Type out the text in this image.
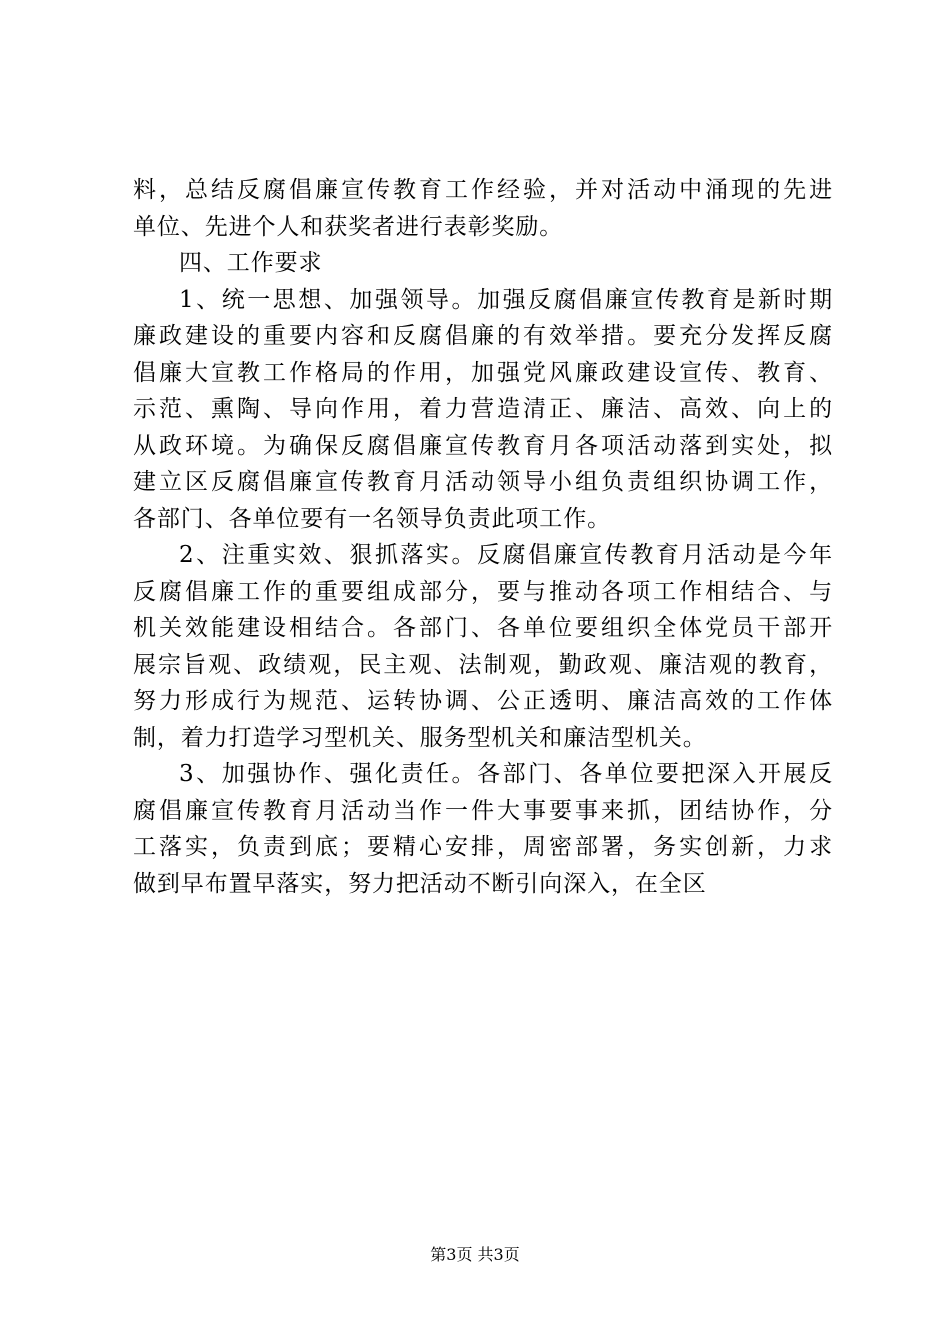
料，总结反腐倡廉宣传教育工作经验，并对活动中涌现的先进
单位、先进个人和获奖者进行表彰奖励。
四、工作要求
1、统一思想、加强领导。加强反腐倡廉宣传教育是新时期
廉政建设的重要内容和反腐倡廉的有效举措。要充分发挥反腐
倡廉大宣教工作格局的作用，加强党风廉政建设宣传、教育、
示范、熏陶、导向作用，着力营造清正、廉洁、高效、向上的
从政环境。为确保反腐倡廉宣传教育月各项活动落到实处，拟
建立区反腐倡廉宣传教育月活动领导小组负责组织协调工作，
各部门、各单位要有一名领导负责此项工作。
2、注重实效、狠抓落实。反腐倡廉宣传教育月活动是今年
反腐倡廉工作的重要组成部分，要与推动各项工作相结合、与
机关效能建设相结合。各部门、各单位要组织全体党员干部开
展宗旨观、政绩观，民主观、法制观，勤政观、廉洁观的教育，
努力形成行为规范、运转协调、公正透明、廉洁高效的工作体
制，着力打造学习型机关、服务型机关和廉洁型机关。
3、加强协作、强化责任。各部门、各单位要把深入开展反
腐倡廉宣传教育月活动当作一件大事要事来抓，团结协作，分
工落实，负责到底；要精心安排，周密部署，务实创新，力求
做到早布置早落实，努力把活动不断引向深入，在全区
第3页 共3页
